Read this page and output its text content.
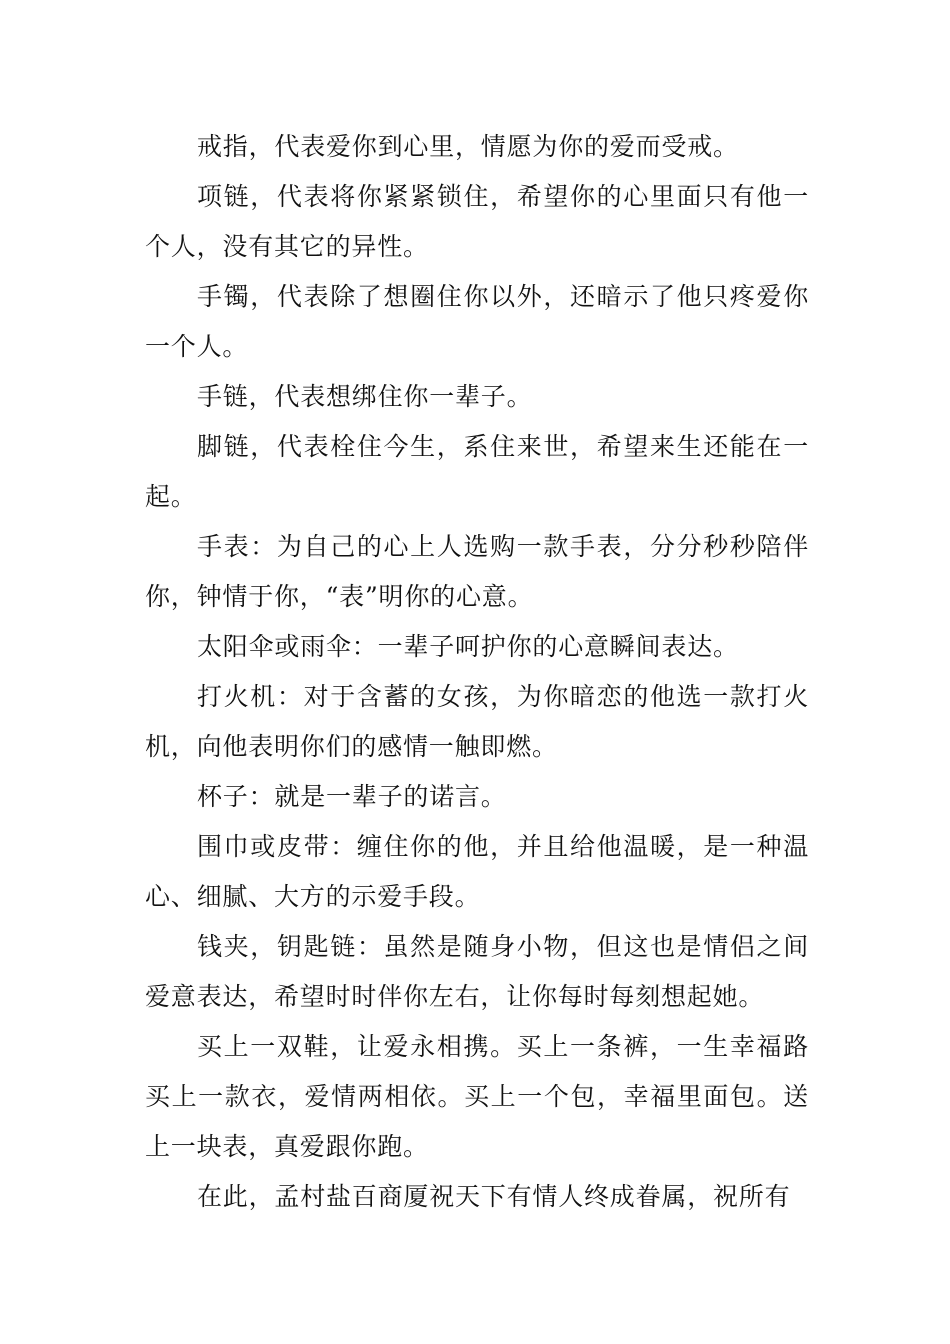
戒指，代表爱你到心里，情愿为你的爱而受戒。

项链，代表将你紧紧锁住，希望你的心里面只有他一个人，没有其它的异性。

手镯，代表除了想圈住你以外，还暗示了他只疼爱你一个人。

手链，代表想绑住你一辈子。

脚链，代表栓住今生，系住来世，希望来生还能在一起。

手表：为自己的心上人选购一款手表，分分秒秒陪伴你，钟情于你，“表”明你的心意。

太阳伞或雨伞：一辈子呵护你的心意瞬间表达。

打火机：对于含蓄的女孩，为你暗恋的他选一款打火机，向他表明你们的感情一触即燃。

杯子：就是一辈子的诺言。

围巾或皮带：缠住你的他，并且给他温暖，是一种温心、细腻、大方的示爱手段。

钱夹，钥匙链：虽然是随身小物，但这也是情侣之间爱意表达，希望时时伴你左右，让你每时每刻想起她。

买上一双鞋，让爱永相携。买上一条裤，一生幸福路买上一款衣，爱情两相依。买上一个包，幸福里面包。送上一块表，真爱跟你跑。

在此，孟村盐百商厦祝天下有情人终成眷属，祝所有
